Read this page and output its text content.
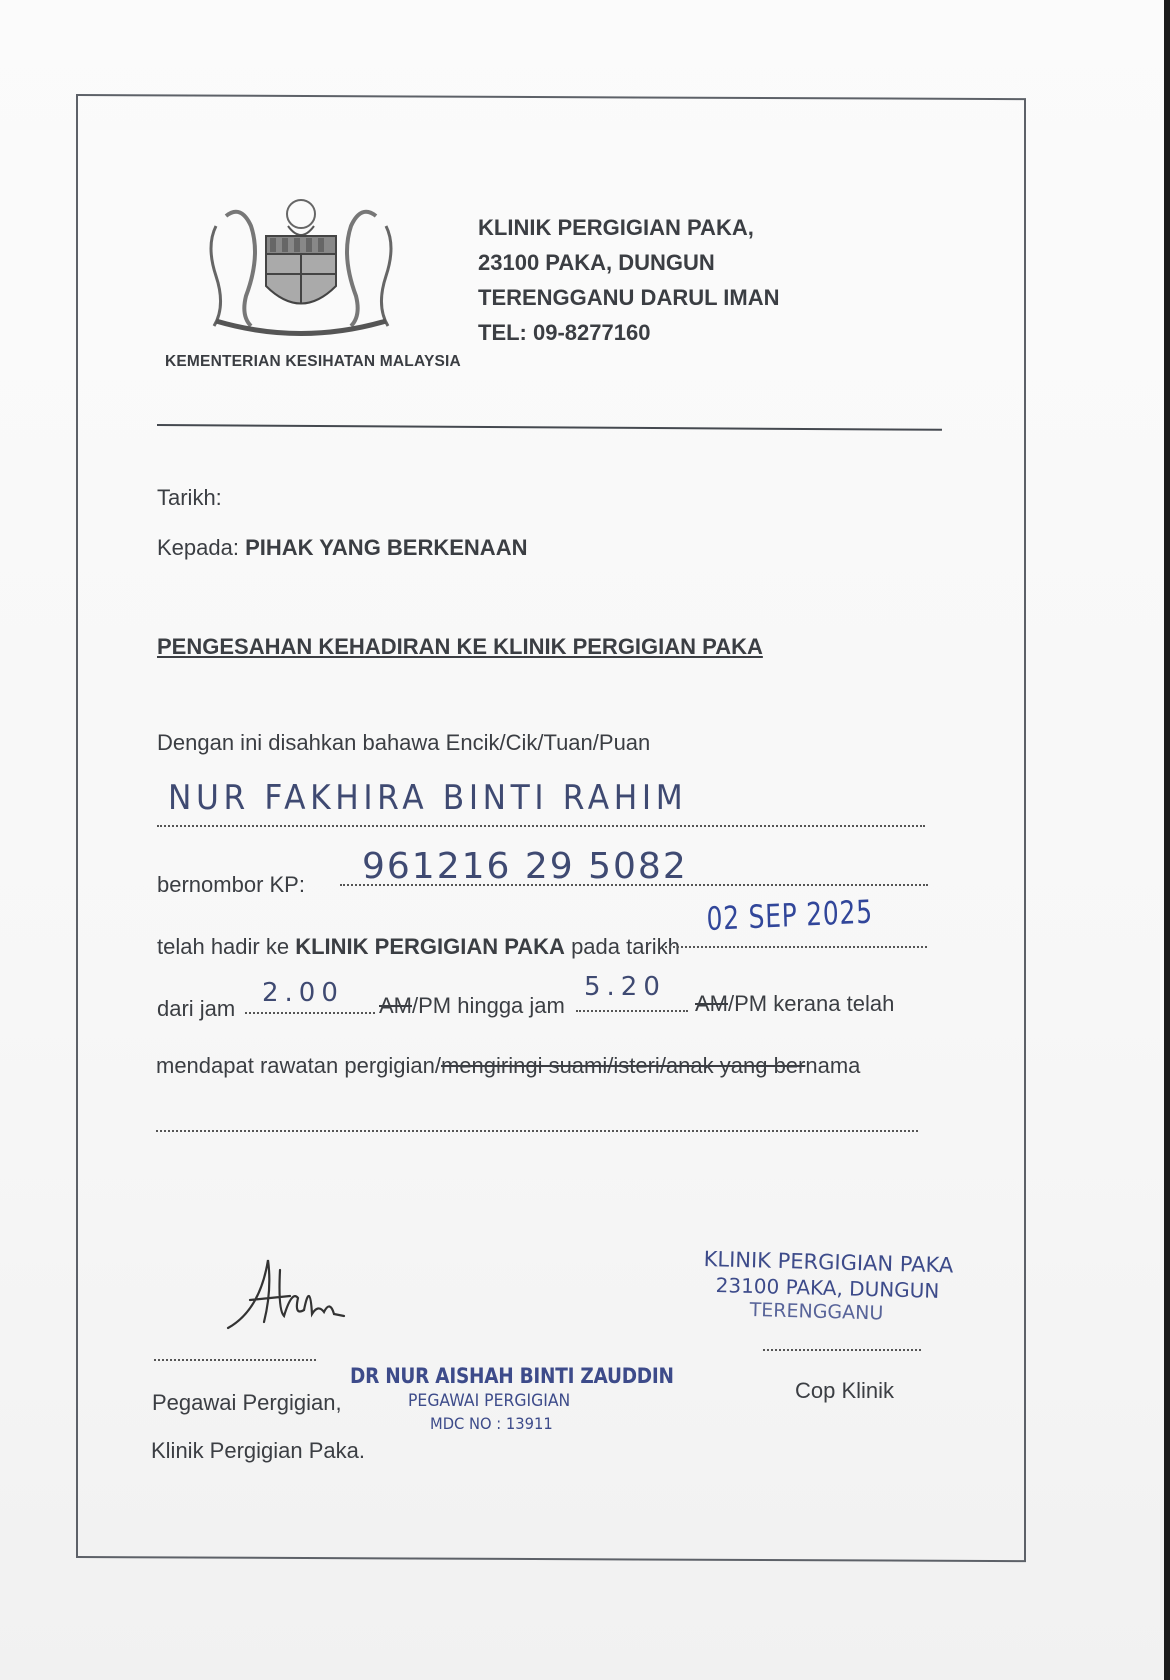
KEMENTERIAN KESIHATAN MALAYSIA
KLINIK PERGIGIAN PAKA,
23100 PAKA, DUNGUN
TERENGGANU DARUL IMAN
TEL: 09-8277160
Tarikh:
Kepada: PIHAK YANG BERKENAAN
PENGESAHAN KEHADIRAN KE KLINIK PERGIGIAN PAKA
Dengan ini disahkan bahawa Encik/Cik/Tuan/Puan
NUR FAKHIRA BINTI RAHIM
bernombor KP: 961216 29 5082
telah hadir ke KLINIK PERGIGIAN PAKA pada tarikh
02 SEP 2025
dari jam
2.00 AM/PM hingga jam
5.20
AM/PM kerana telah
mendapat rawatan pergigian/mengiringi suami/isteri/anak yang bernama
DR NUR AISHAH BINTI ZAUDDIN
PEGAWAI PERGIGIAN
MDC NO : 13911
Pegawai Pergigian,
Klinik Pergigian Paka.
KLINIK PERGIGIAN PAKA
23100 PAKA, DUNGUN
TERENGGANU
Cop Klinik
